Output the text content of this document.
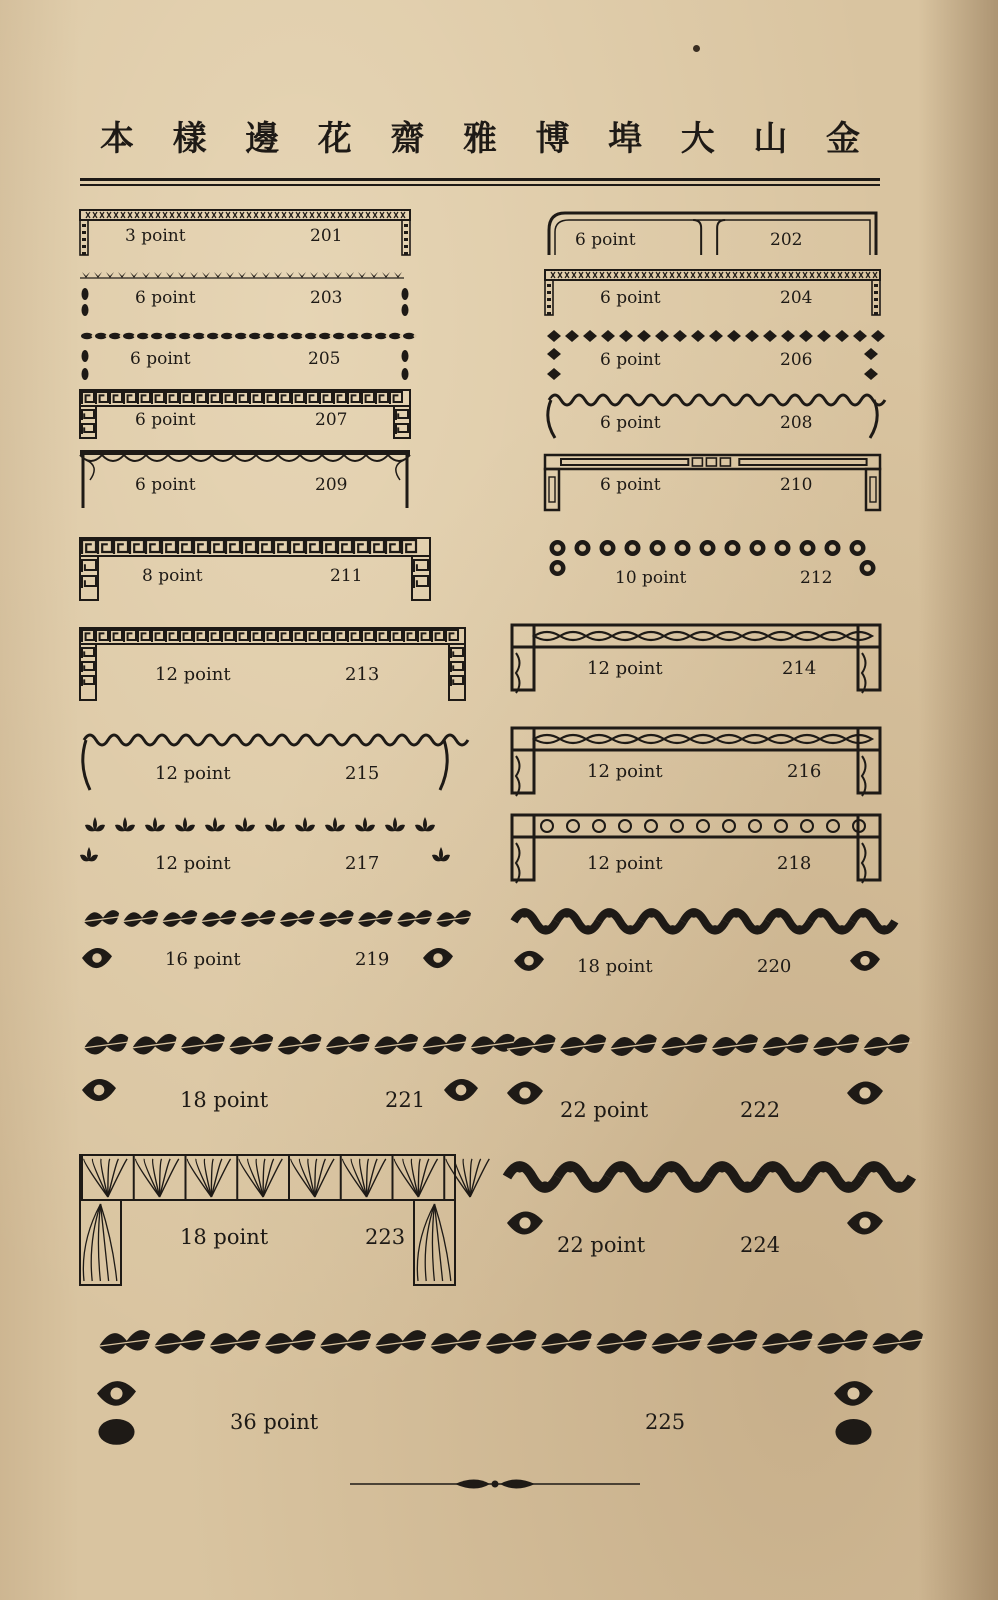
本 樣 邊 花 齋 雅 博 埠 大 山 金
3 point	201	6 point	202
6 point	203	6 point	204
6 point	205	6 point	206
6 point	207	6 point	208
6 point	209	6 point	210
8 point	211	10 point	212
12 point	213	12 point	214
12 point	215	12 point	216
12 point	217	12 point	218
16 point	219	18 point	220
18 point	221	22 point	222
18 point	223	22 point	224
36 point	225
